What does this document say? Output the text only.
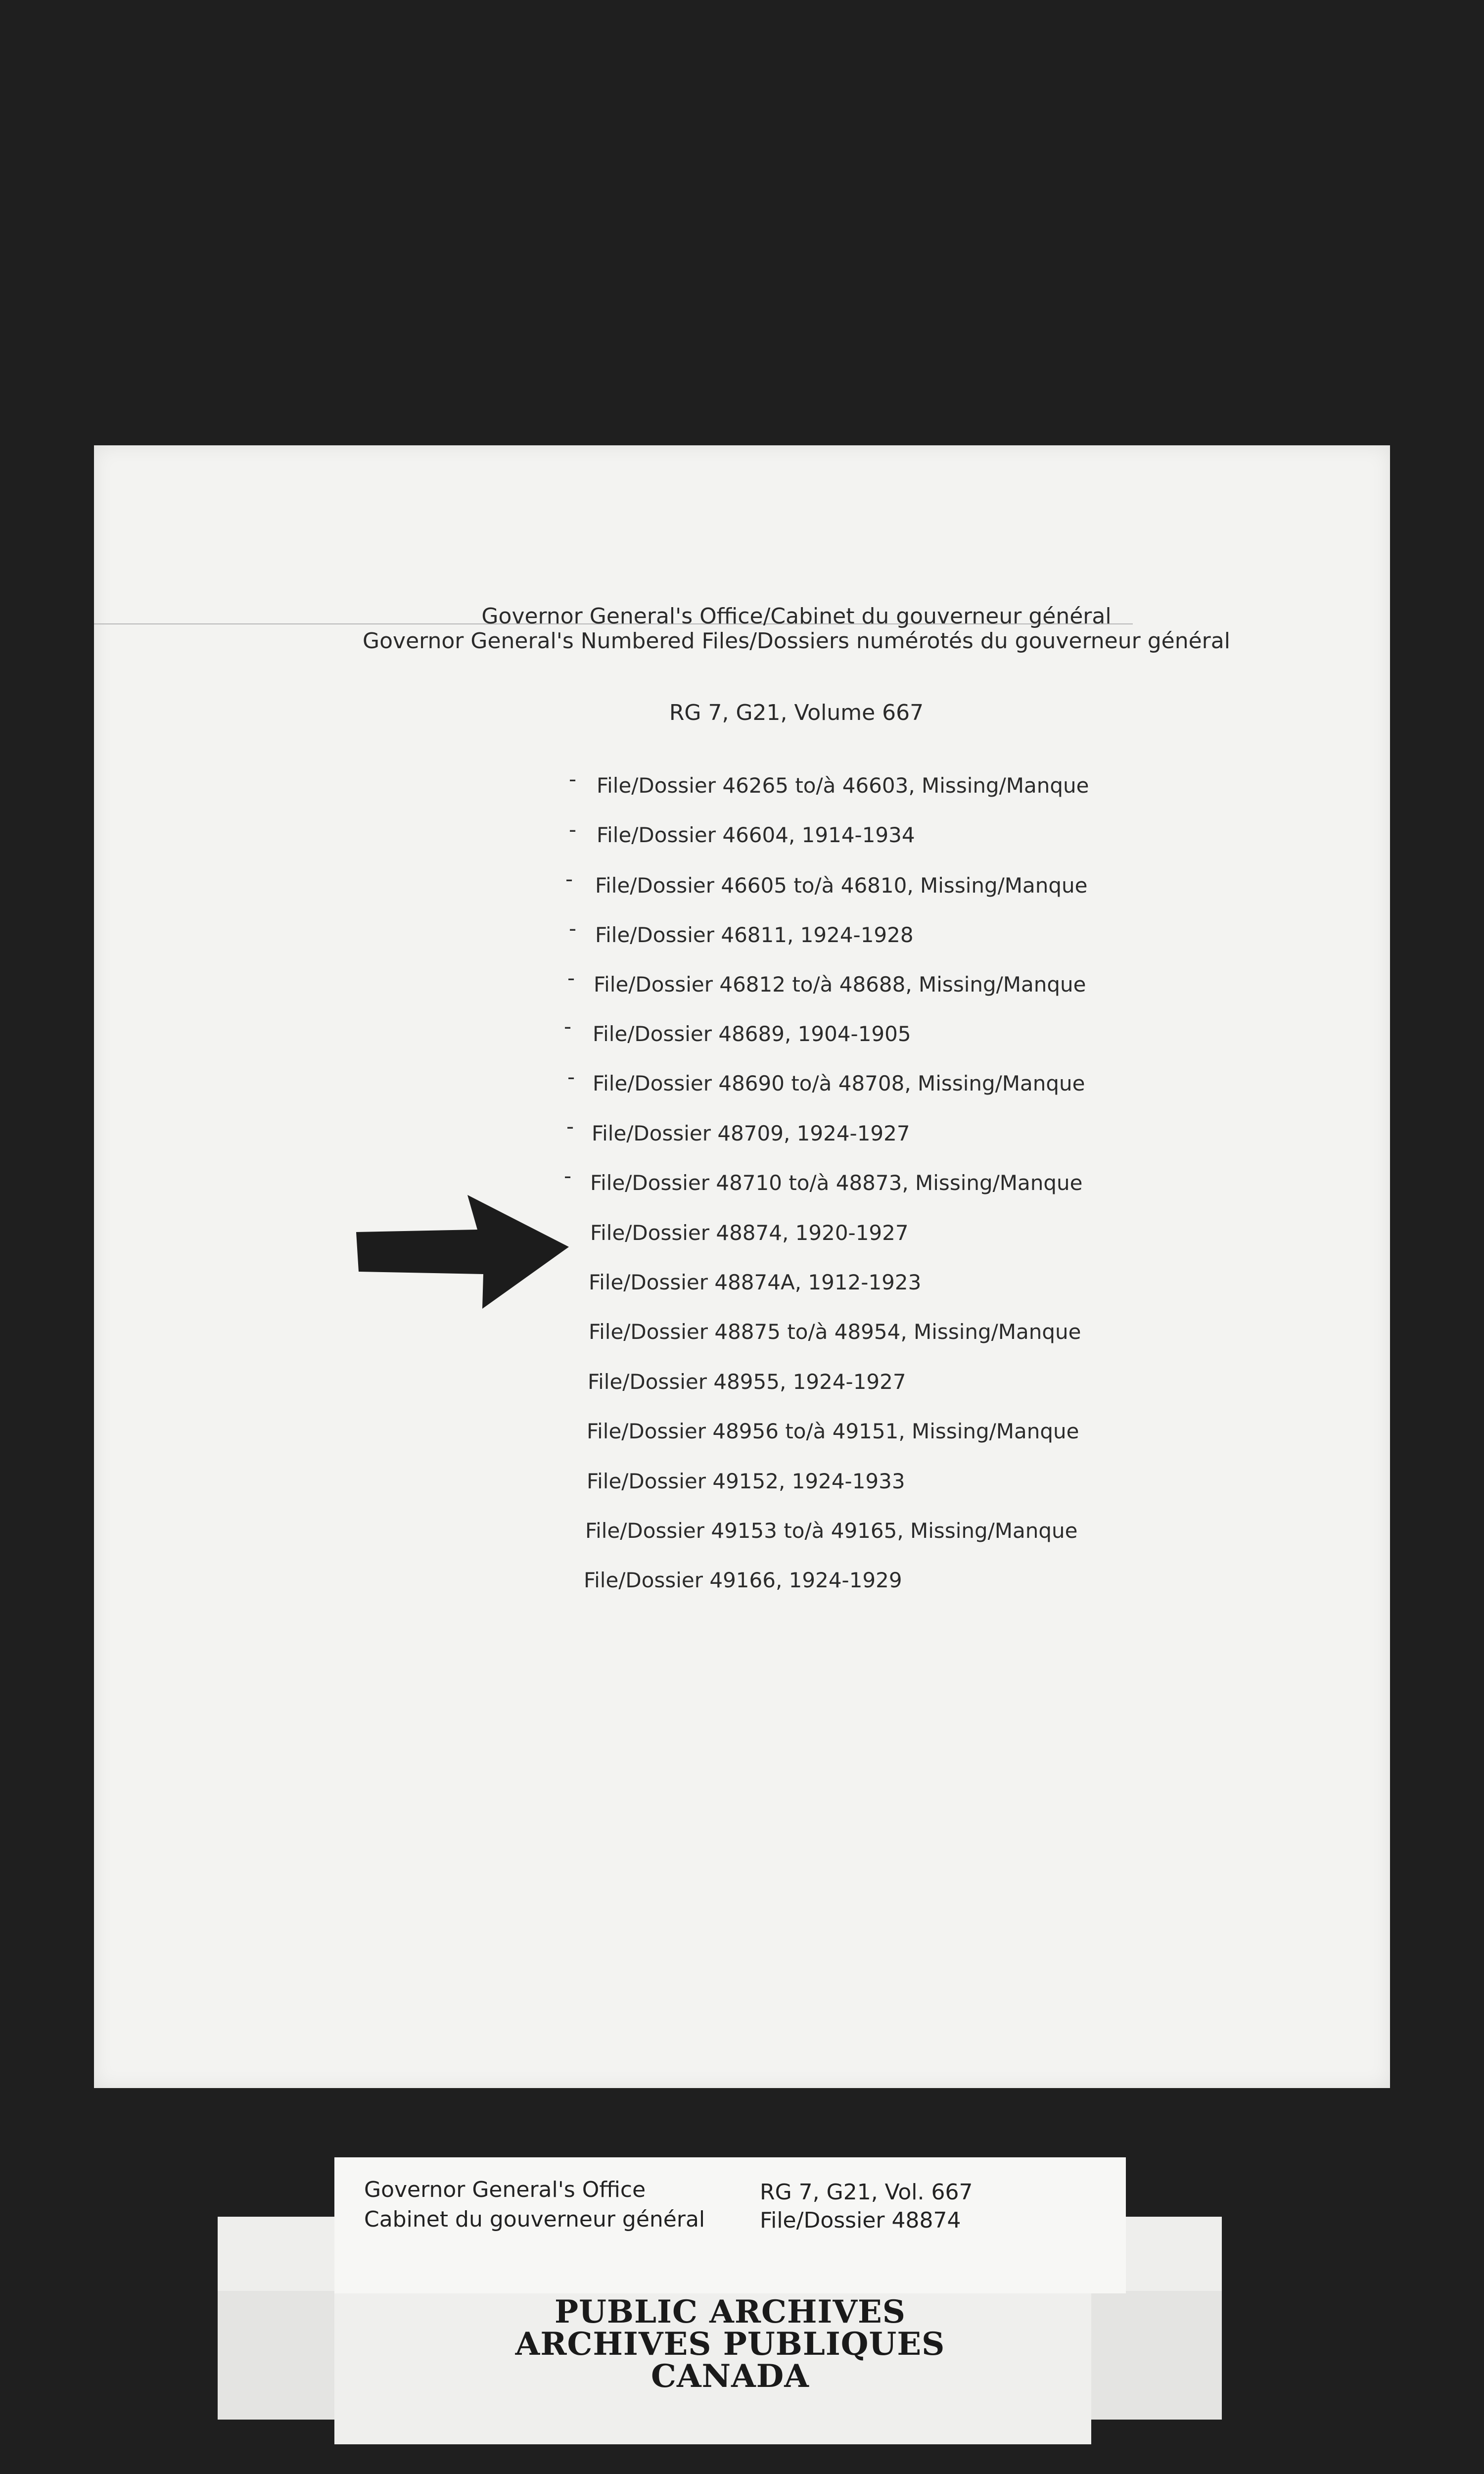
Governor General's Office/Cabinet du gouverneur général
Governor General's Numbered Files/Dossiers numérotés du gouverneur général
RG 7, G21, Volume 667
-
-
-
-
-
-
-
-
-
File/Dossier 46265 to/à 46603, Missing/Manque
File/Dossier 46604, 1914-1934
File/Dossier 46605 to/à 46810, Missing/Manque
File/Dossier 46811, 1924-1928
File/Dossier 46812 to/à 48688, Missing/Manque
File/Dossier 48689, 1904-1905
File/Dossier 48690 to/à 48708, Missing/Manque
File/Dossier 48709, 1924-1927
File/Dossier 48710 to/à 48873, Missing/Manque
File/Dossier 48874, 1920-1927
File/Dossier 48874A, 1912-1923
File/Dossier 48875 to/à 48954, Missing/Manque
File/Dossier 48955, 1924-1927
File/Dossier 48956 to/à 49151, Missing/Manque
File/Dossier 49152, 1924-1933
File/Dossier 49153 to/à 49165, Missing/Manque
File/Dossier 49166, 1924-1929
Governor General's Office
Cabinet du gouverneur général
RG 7, G21, Vol. 667
File/Dossier 48874
PUBLIC ARCHIVES
ARCHIVES PUBLIQUES
CANADA
